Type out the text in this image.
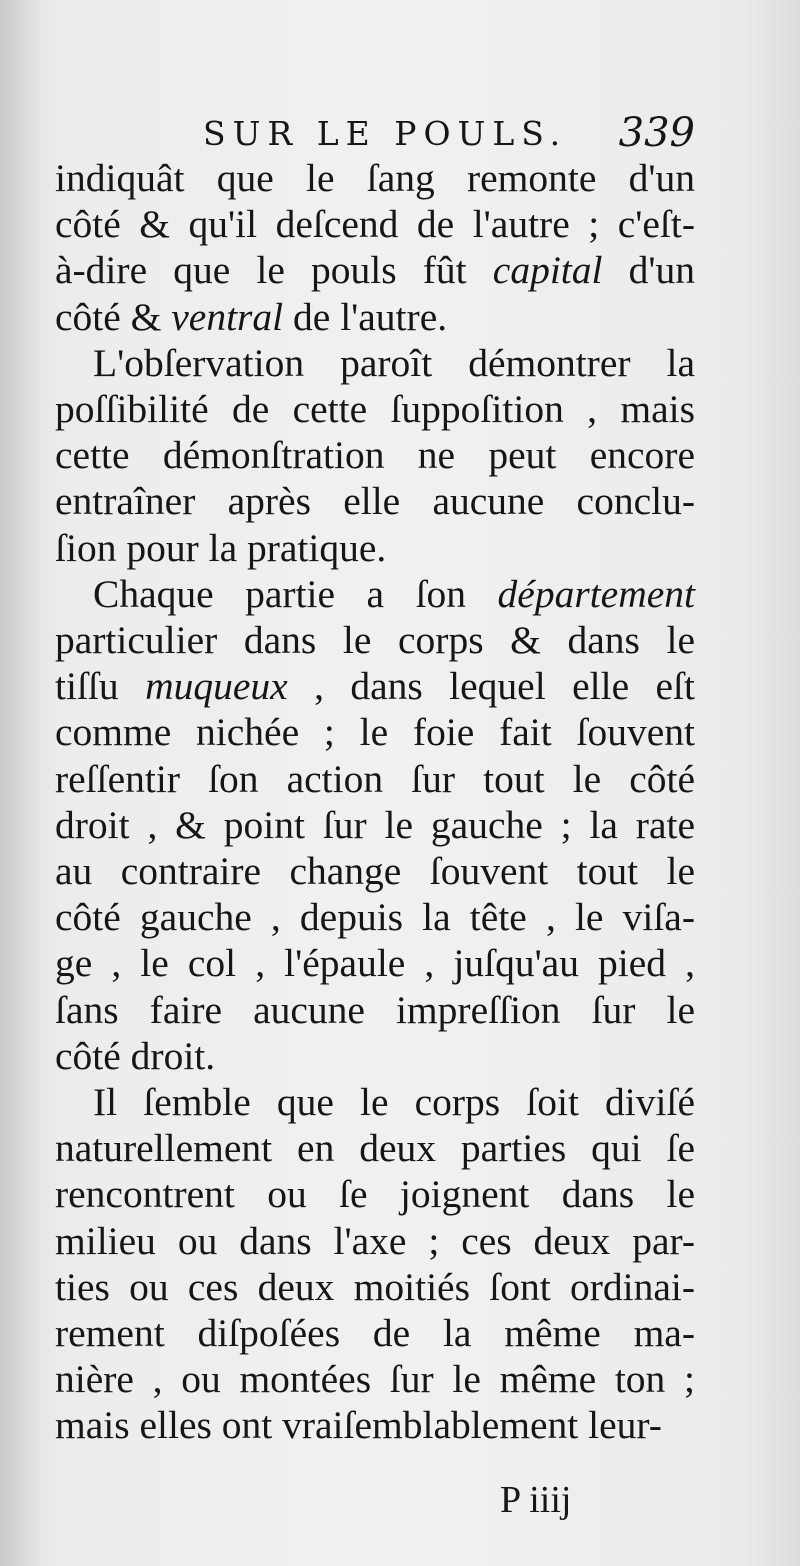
SUR LE POULS. 339

indiquât que le ſang remonte d'un
côté & qu'il deſcend de l'autre ; c'eſt-
à-dire que le pouls fût capital d'un
côté & ventral de l'autre.

L'obſervation paroît démontrer la
poſſibilité de cette ſuppoſition , mais
cette démonſtration ne peut encore
entraîner après elle aucune conclu-
ſion pour la pratique.

Chaque partie a ſon département
particulier dans le corps & dans le
tiſſu muqueux , dans lequel elle eſt
comme nichée ; le foie fait ſouvent
reſſentir ſon action ſur tout le côté
droit , & point ſur le gauche ; la rate
au contraire change ſouvent tout le
côté gauche , depuis la tête , le viſa-
ge , le col , l'épaule , juſqu'au pied ,
ſans faire aucune impreſſion ſur le
côté droit.

Il ſemble que le corps ſoit diviſé
naturellement en deux parties qui ſe
rencontrent ou ſe joignent dans le
milieu ou dans l'axe ; ces deux par-
ties ou ces deux moitiés ſont ordinai-
rement diſpoſées de la même ma-
nière , ou montées ſur le même ton ;
mais elles ont vraiſemblablement leur-

P iiij
